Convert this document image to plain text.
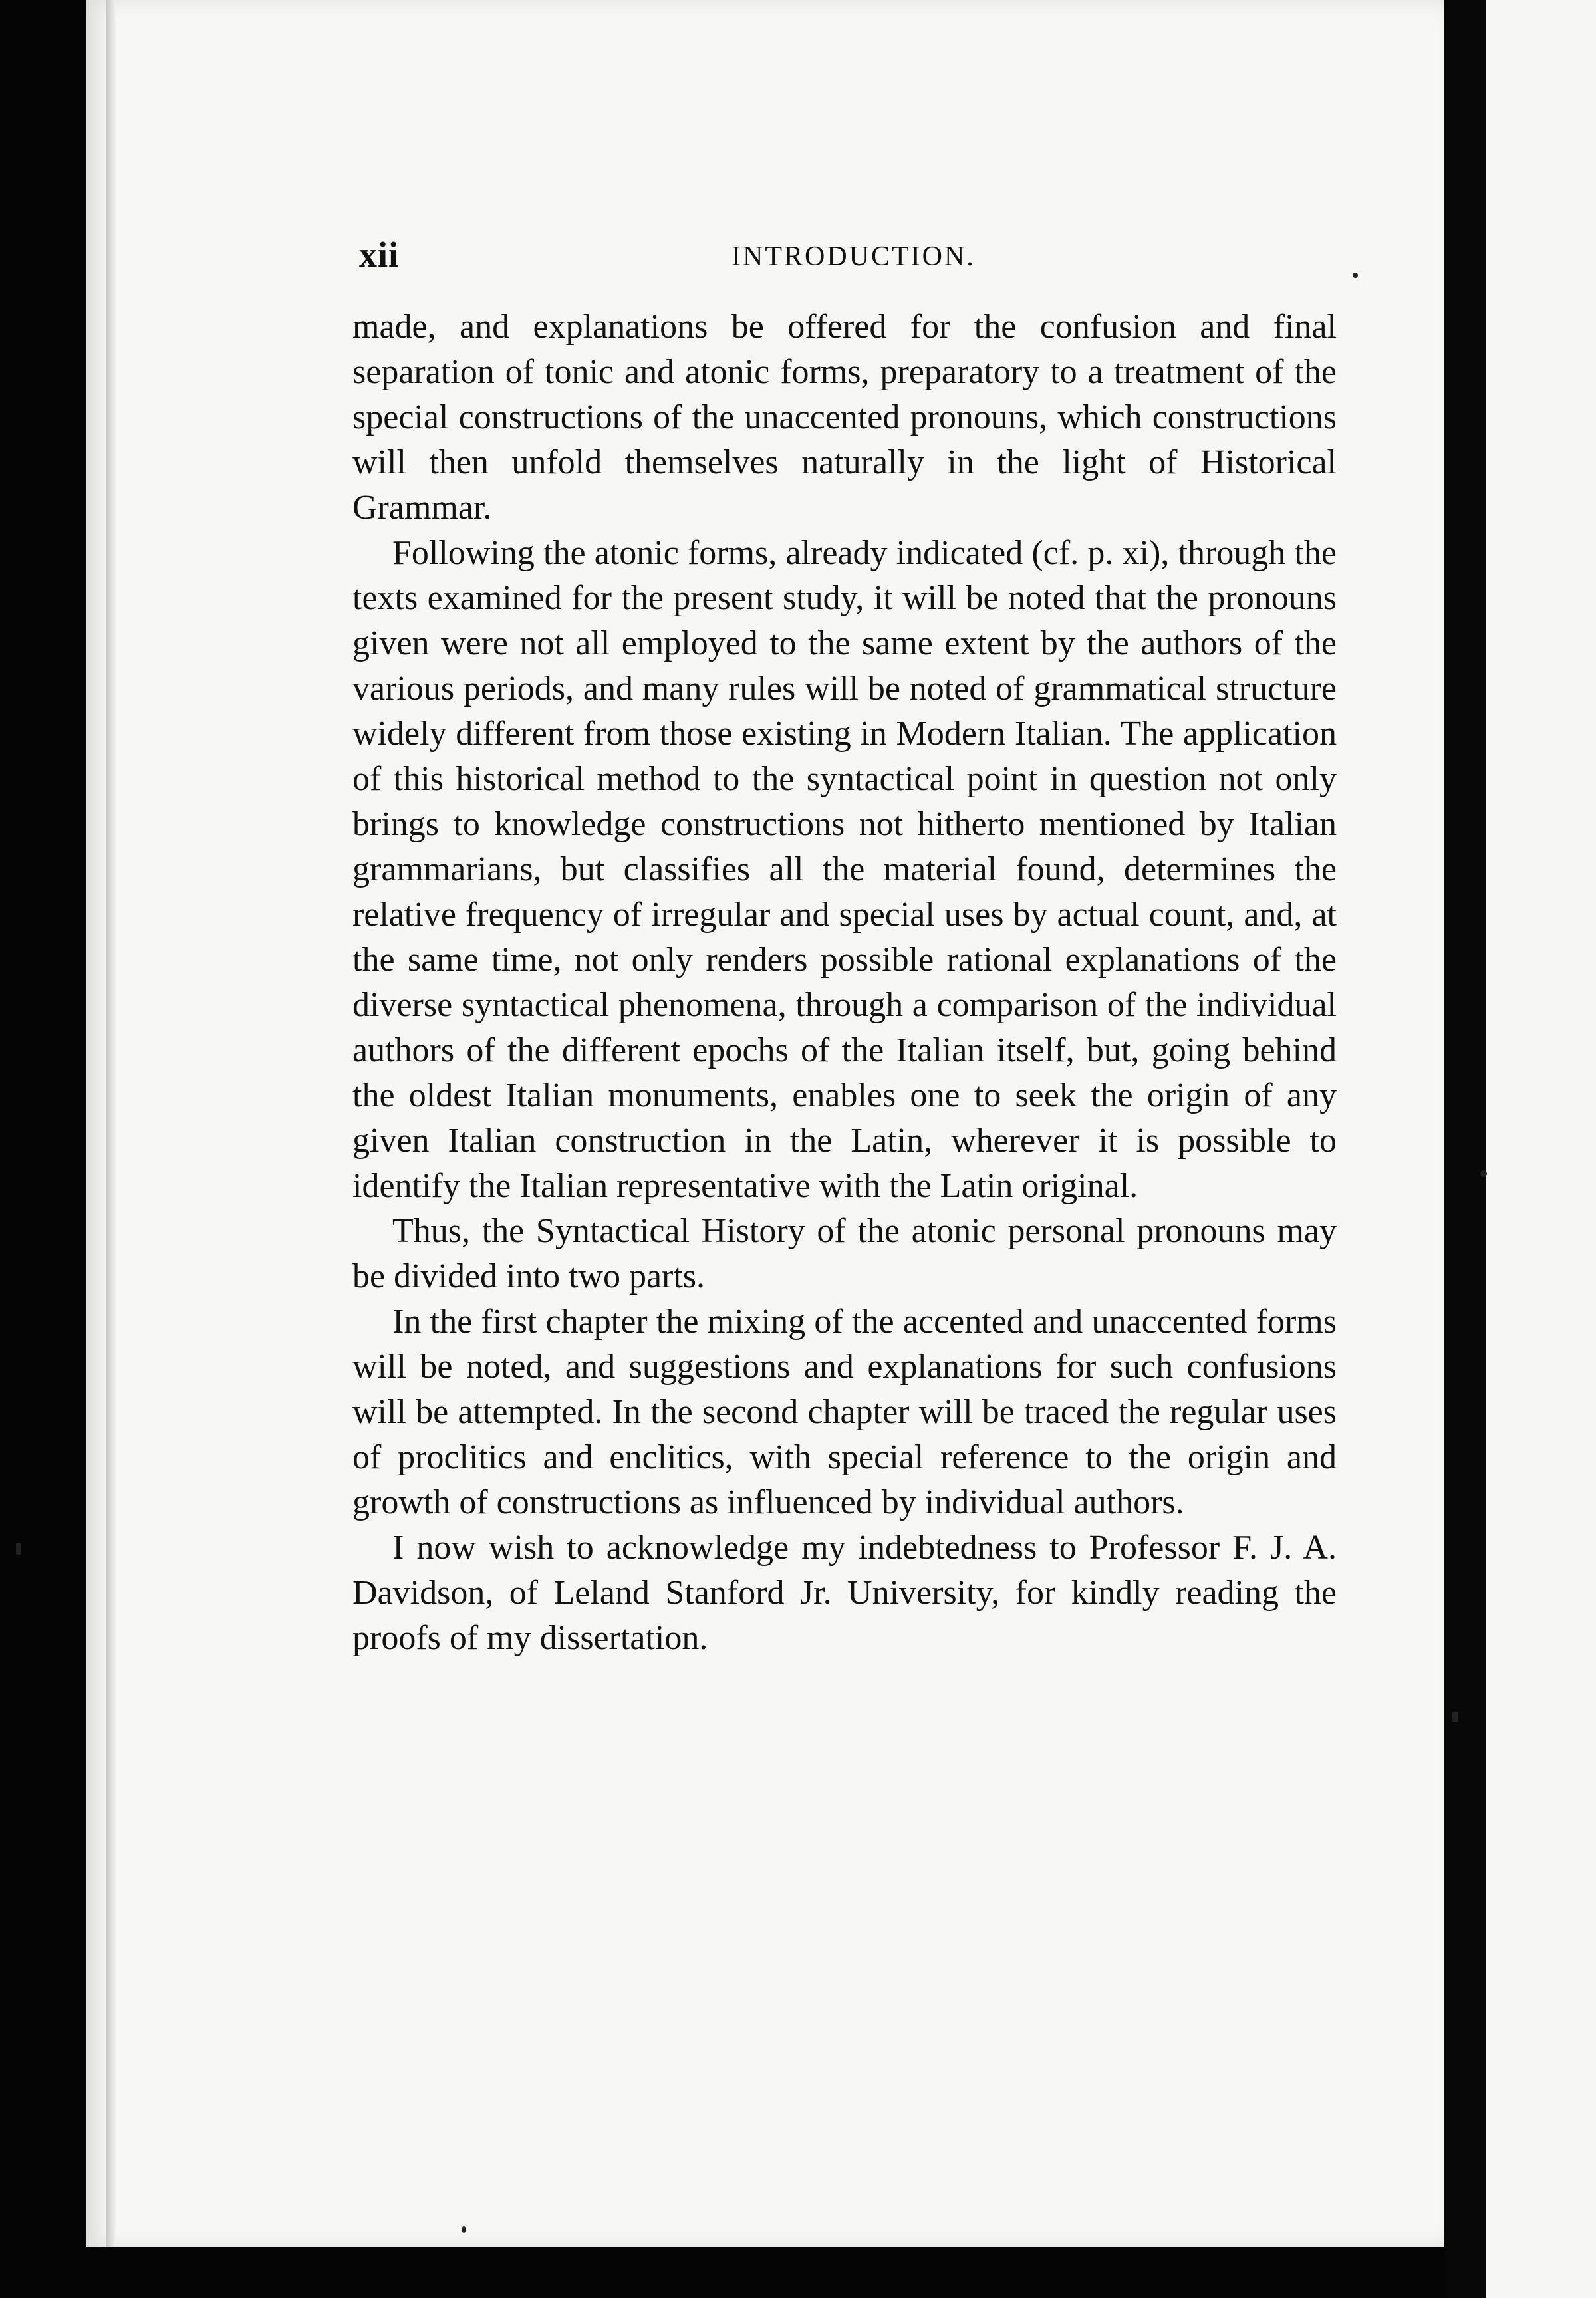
xii	INTRODUCTION.

made, and explanations be offered for the confusion and final separation of tonic and atonic forms, preparatory to a treatment of the special constructions of the unaccented pronouns, which constructions will then unfold themselves naturally in the light of Historical Grammar.

Following the atonic forms, already indicated (cf. p. xi), through the texts examined for the present study, it will be noted that the pronouns given were not all employed to the same extent by the authors of the various periods, and many rules will be noted of grammatical structure widely different from those existing in Modern Italian. The application of this historical method to the syntactical point in question not only brings to knowledge constructions not hitherto mentioned by Italian grammarians, but classifies all the material found, determines the relative frequency of irregular and special uses by actual count, and, at the same time, not only renders possible rational explanations of the diverse syntactical phenomena, through a comparison of the individual authors of the different epochs of the Italian itself, but, going behind the oldest Italian monuments, enables one to seek the origin of any given Italian construction in the Latin, wherever it is possible to identify the Italian representative with the Latin original.

Thus, the Syntactical History of the atonic personal pronouns may be divided into two parts.

In the first chapter the mixing of the accented and unaccented forms will be noted, and suggestions and explanations for such confusions will be attempted. In the second chapter will be traced the regular uses of proclitics and enclitics, with special reference to the origin and growth of constructions as influenced by individual authors.

I now wish to acknowledge my indebtedness to Professor F. J. A. Davidson, of Leland Stanford Jr. University, for kindly reading the proofs of my dissertation.
